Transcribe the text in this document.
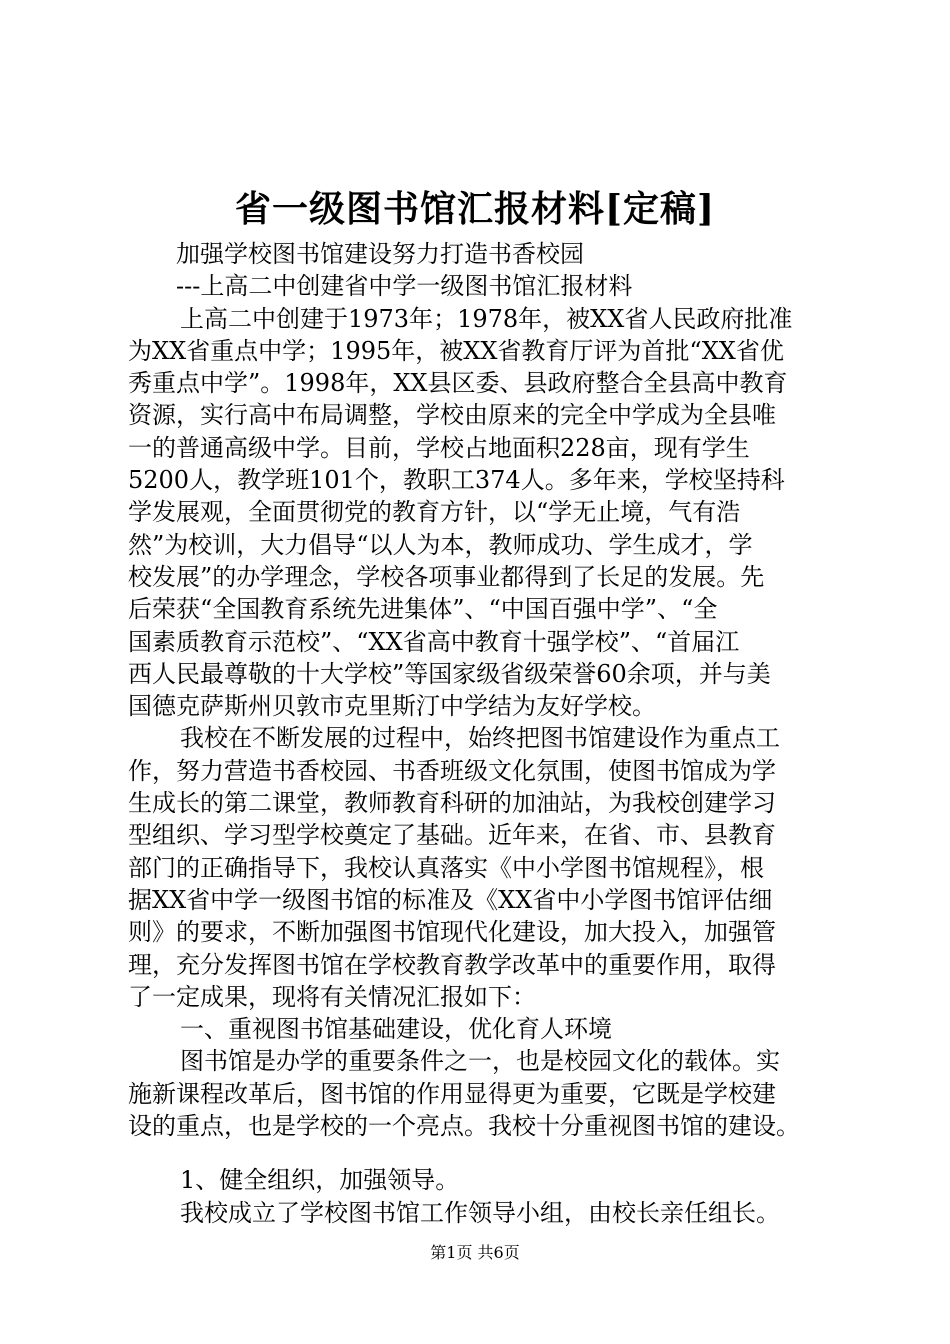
省一级图书馆汇报材料[定稿]
加强学校图书馆建设努力打造书香校园
---上高二中创建省中学一级图书馆汇报材料
上高二中创建于1973年；1978年，被XX省人民政府批准
为XX省重点中学；1995年，被XX省教育厅评为首批“XX省优
秀重点中学”。1998年，XX县区委、县政府整合全县高中教育
资源，实行高中布局调整，学校由原来的完全中学成为全县唯
一的普通高级中学。目前，学校占地面积228亩，现有学生
5200人，教学班101个，教职工374人。多年来，学校坚持科
学发展观，全面贯彻党的教育方针，以“学无止境，气有浩
然”为校训，大力倡导“以人为本，教师成功、学生成才，学
校发展”的办学理念，学校各项事业都得到了长足的发展。先
后荣获“全国教育系统先进集体”、“中国百强中学”、“全
国素质教育示范校”、“XX省高中教育十强学校”、“首届江
西人民最尊敬的十大学校”等国家级省级荣誉60余项，并与美
国德克萨斯州贝敦市克里斯汀中学结为友好学校。
我校在不断发展的过程中，始终把图书馆建设作为重点工
作，努力营造书香校园、书香班级文化氛围，使图书馆成为学
生成长的第二课堂，教师教育科研的加油站，为我校创建学习
型组织、学习型学校奠定了基础。近年来，在省、市、县教育
部门的正确指导下，我校认真落实《中小学图书馆规程》，根
据XX省中学一级图书馆的标准及《XX省中小学图书馆评估细
则》的要求，不断加强图书馆现代化建设，加大投入，加强管
理，充分发挥图书馆在学校教育教学改革中的重要作用，取得
了一定成果，现将有关情况汇报如下：
一、重视图书馆基础建设，优化育人环境
图书馆是办学的重要条件之一，也是校园文化的载体。实
施新课程改革后，图书馆的作用显得更为重要，它既是学校建
设的重点，也是学校的一个亮点。我校十分重视图书馆的建设。
1、健全组织，加强领导。
我校成立了学校图书馆工作领导小组，由校长亲任组长。
第1页 共6页
